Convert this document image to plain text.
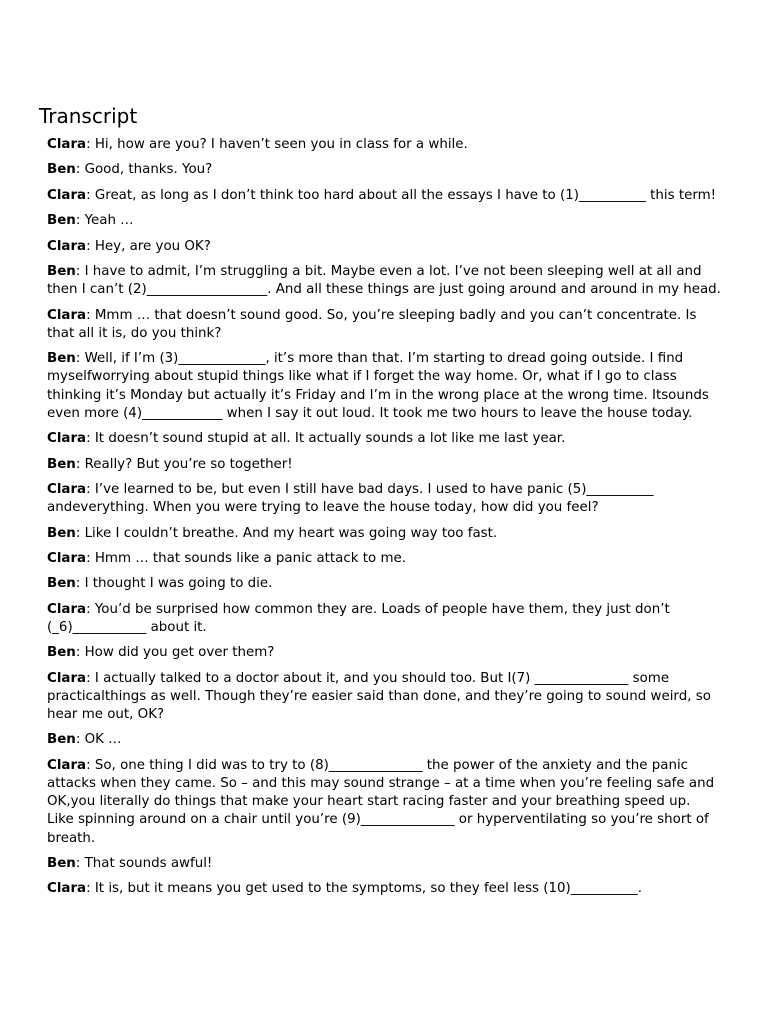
Transcript

Clara: Hi, how are you? I haven’t seen you in class for a while.

Ben: Good, thanks. You?

Clara: Great, as long as I don’t think too hard about all the essays I have to (1)__________ this term!

Ben: Yeah …

Clara: Hey, are you OK?

Ben: I have to admit, I’m struggling a bit. Maybe even a lot. I’ve not been sleeping well at all and then I can’t (2)__________________. And all these things are just going around and around in my head.

Clara: Mmm … that doesn’t sound good. So, you’re sleeping badly and you can’t concentrate. Is that all it is, do you think?

Ben: Well, if I’m (3)_____________, it’s more than that. I’m starting to dread going outside. I find myselfworrying about stupid things like what if I forget the way home. Or, what if I go to class thinking it’s Monday but actually it’s Friday and I’m in the wrong place at the wrong time. Itsounds even more (4)____________ when I say it out loud. It took me two hours to leave the house today.

Clara: It doesn’t sound stupid at all. It actually sounds a lot like me last year.

Ben: Really? But you’re so together!

Clara: I’ve learned to be, but even I still have bad days. I used to have panic (5)__________ andeverything. When you were trying to leave the house today, how did you feel?

Ben: Like I couldn’t breathe. And my heart was going way too fast.

Clara: Hmm … that sounds like a panic attack to me.

Ben: I thought I was going to die.

Clara: You’d be surprised how common they are. Loads of people have them, they just don’t (_6)___________ about it.

Ben: How did you get over them?

Clara: I actually talked to a doctor about it, and you should too. But I(7) ______________ some practicalthings as well. Though they’re easier said than done, and they’re going to sound weird, so hear me out, OK?

Ben: OK …

Clara: So, one thing I did was to try to (8)______________ the power of the anxiety and the panic attacks when they came. So – and this may sound strange – at a time when you’re feeling safe and OK,you literally do things that make your heart start racing faster and your breathing speed up.
Like spinning around on a chair until you’re (9)______________ or hyperventilating so you’re short of breath.

Ben: That sounds awful!

Clara: It is, but it means you get used to the symptoms, so they feel less (10)__________.
